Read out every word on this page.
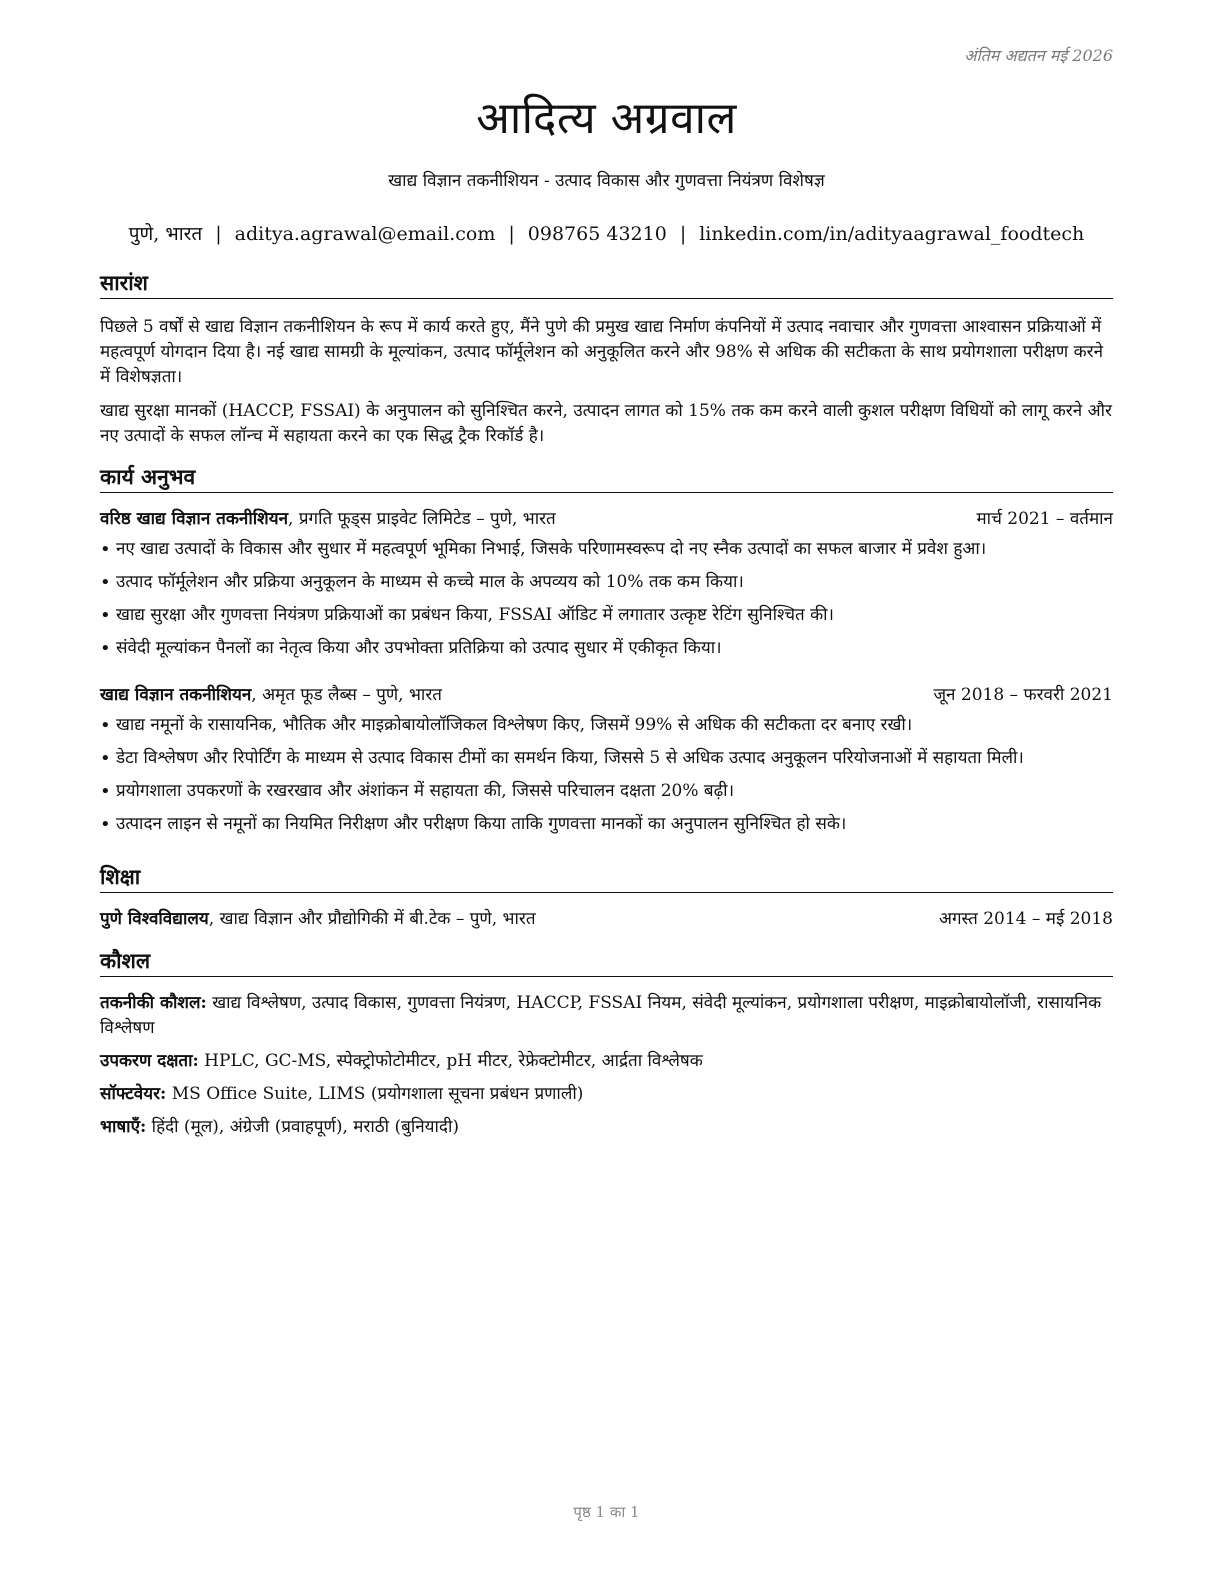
अंतिम अद्यतन मई 2026
आदित्य अग्रवाल
खाद्य विज्ञान तकनीशियन - उत्पाद विकास और गुणवत्ता नियंत्रण विशेषज्ञ
पुणे, भारत | aditya.agrawal@email.com | 098765 43210 | linkedin.com/in/adityaagrawal_foodtech
सारांश

पिछले 5 वर्षों से खाद्य विज्ञान तकनीशियन के रूप में कार्य करते हुए, मैंने पुणे की प्रमुख खाद्य निर्माण कंपनियों में उत्पाद नवाचार और गुणवत्ता आश्वासन प्रक्रियाओं में महत्वपूर्ण योगदान दिया है। नई खाद्य सामग्री के मूल्यांकन, उत्पाद फॉर्मूलेशन को अनुकूलित करने और 98% से अधिक की सटीकता के साथ प्रयोगशाला परीक्षण करने में विशेषज्ञता।

खाद्य सुरक्षा मानकों (HACCP, FSSAI) के अनुपालन को सुनिश्चित करने, उत्पादन लागत को 15% तक कम करने वाली कुशल परीक्षण विधियों को लागू करने और नए उत्पादों के सफल लॉन्च में सहायता करने का एक सिद्ध ट्रैक रिकॉर्ड है।

कार्य अनुभव
वरिष्ठ खाद्य विज्ञान तकनीशियन, प्रगति फूड्स प्राइवेट लिमिटेड – पुणे, भारत	मार्च 2021 – वर्तमान
• नए खाद्य उत्पादों के विकास और सुधार में महत्वपूर्ण भूमिका निभाई, जिसके परिणामस्वरूप दो नए स्नैक उत्पादों का सफल बाजार में प्रवेश हुआ।
• उत्पाद फॉर्मूलेशन और प्रक्रिया अनुकूलन के माध्यम से कच्चे माल के अपव्यय को 10% तक कम किया।
• खाद्य सुरक्षा और गुणवत्ता नियंत्रण प्रक्रियाओं का प्रबंधन किया, FSSAI ऑडिट में लगातार उत्कृष्ट रेटिंग सुनिश्चित की।
• संवेदी मूल्यांकन पैनलों का नेतृत्व किया और उपभोक्ता प्रतिक्रिया को उत्पाद सुधार में एकीकृत किया।
खाद्य विज्ञान तकनीशियन, अमृत फूड लैब्स – पुणे, भारत	जून 2018 – फरवरी 2021
• खाद्य नमूनों के रासायनिक, भौतिक और माइक्रोबायोलॉजिकल विश्लेषण किए, जिसमें 99% से अधिक की सटीकता दर बनाए रखी।
• डेटा विश्लेषण और रिपोर्टिंग के माध्यम से उत्पाद विकास टीमों का समर्थन किया, जिससे 5 से अधिक उत्पाद अनुकूलन परियोजनाओं में सहायता मिली।
• प्रयोगशाला उपकरणों के रखरखाव और अंशांकन में सहायता की, जिससे परिचालन दक्षता 20% बढ़ी।
• उत्पादन लाइन से नमूनों का नियमित निरीक्षण और परीक्षण किया ताकि गुणवत्ता मानकों का अनुपालन सुनिश्चित हो सके।
शिक्षा
पुणे विश्वविद्यालय, खाद्य विज्ञान और प्रौद्योगिकी में बी.टेक – पुणे, भारत	अगस्त 2014 – मई 2018
कौशल

तकनीकी कौशल: खाद्य विश्लेषण, उत्पाद विकास, गुणवत्ता नियंत्रण, HACCP, FSSAI नियम, संवेदी मूल्यांकन, प्रयोगशाला परीक्षण, माइक्रोबायोलॉजी, रासायनिक विश्लेषण

उपकरण दक्षता: HPLC, GC-MS, स्पेक्ट्रोफोटोमीटर, pH मीटर, रेफ्रेक्टोमीटर, आर्द्रता विश्लेषक

सॉफ्टवेयर: MS Office Suite, LIMS (प्रयोगशाला सूचना प्रबंधन प्रणाली)

भाषाएँ: हिंदी (मूल), अंग्रेजी (प्रवाहपूर्ण), मराठी (बुनियादी)

पृष्ठ 1 का 1
